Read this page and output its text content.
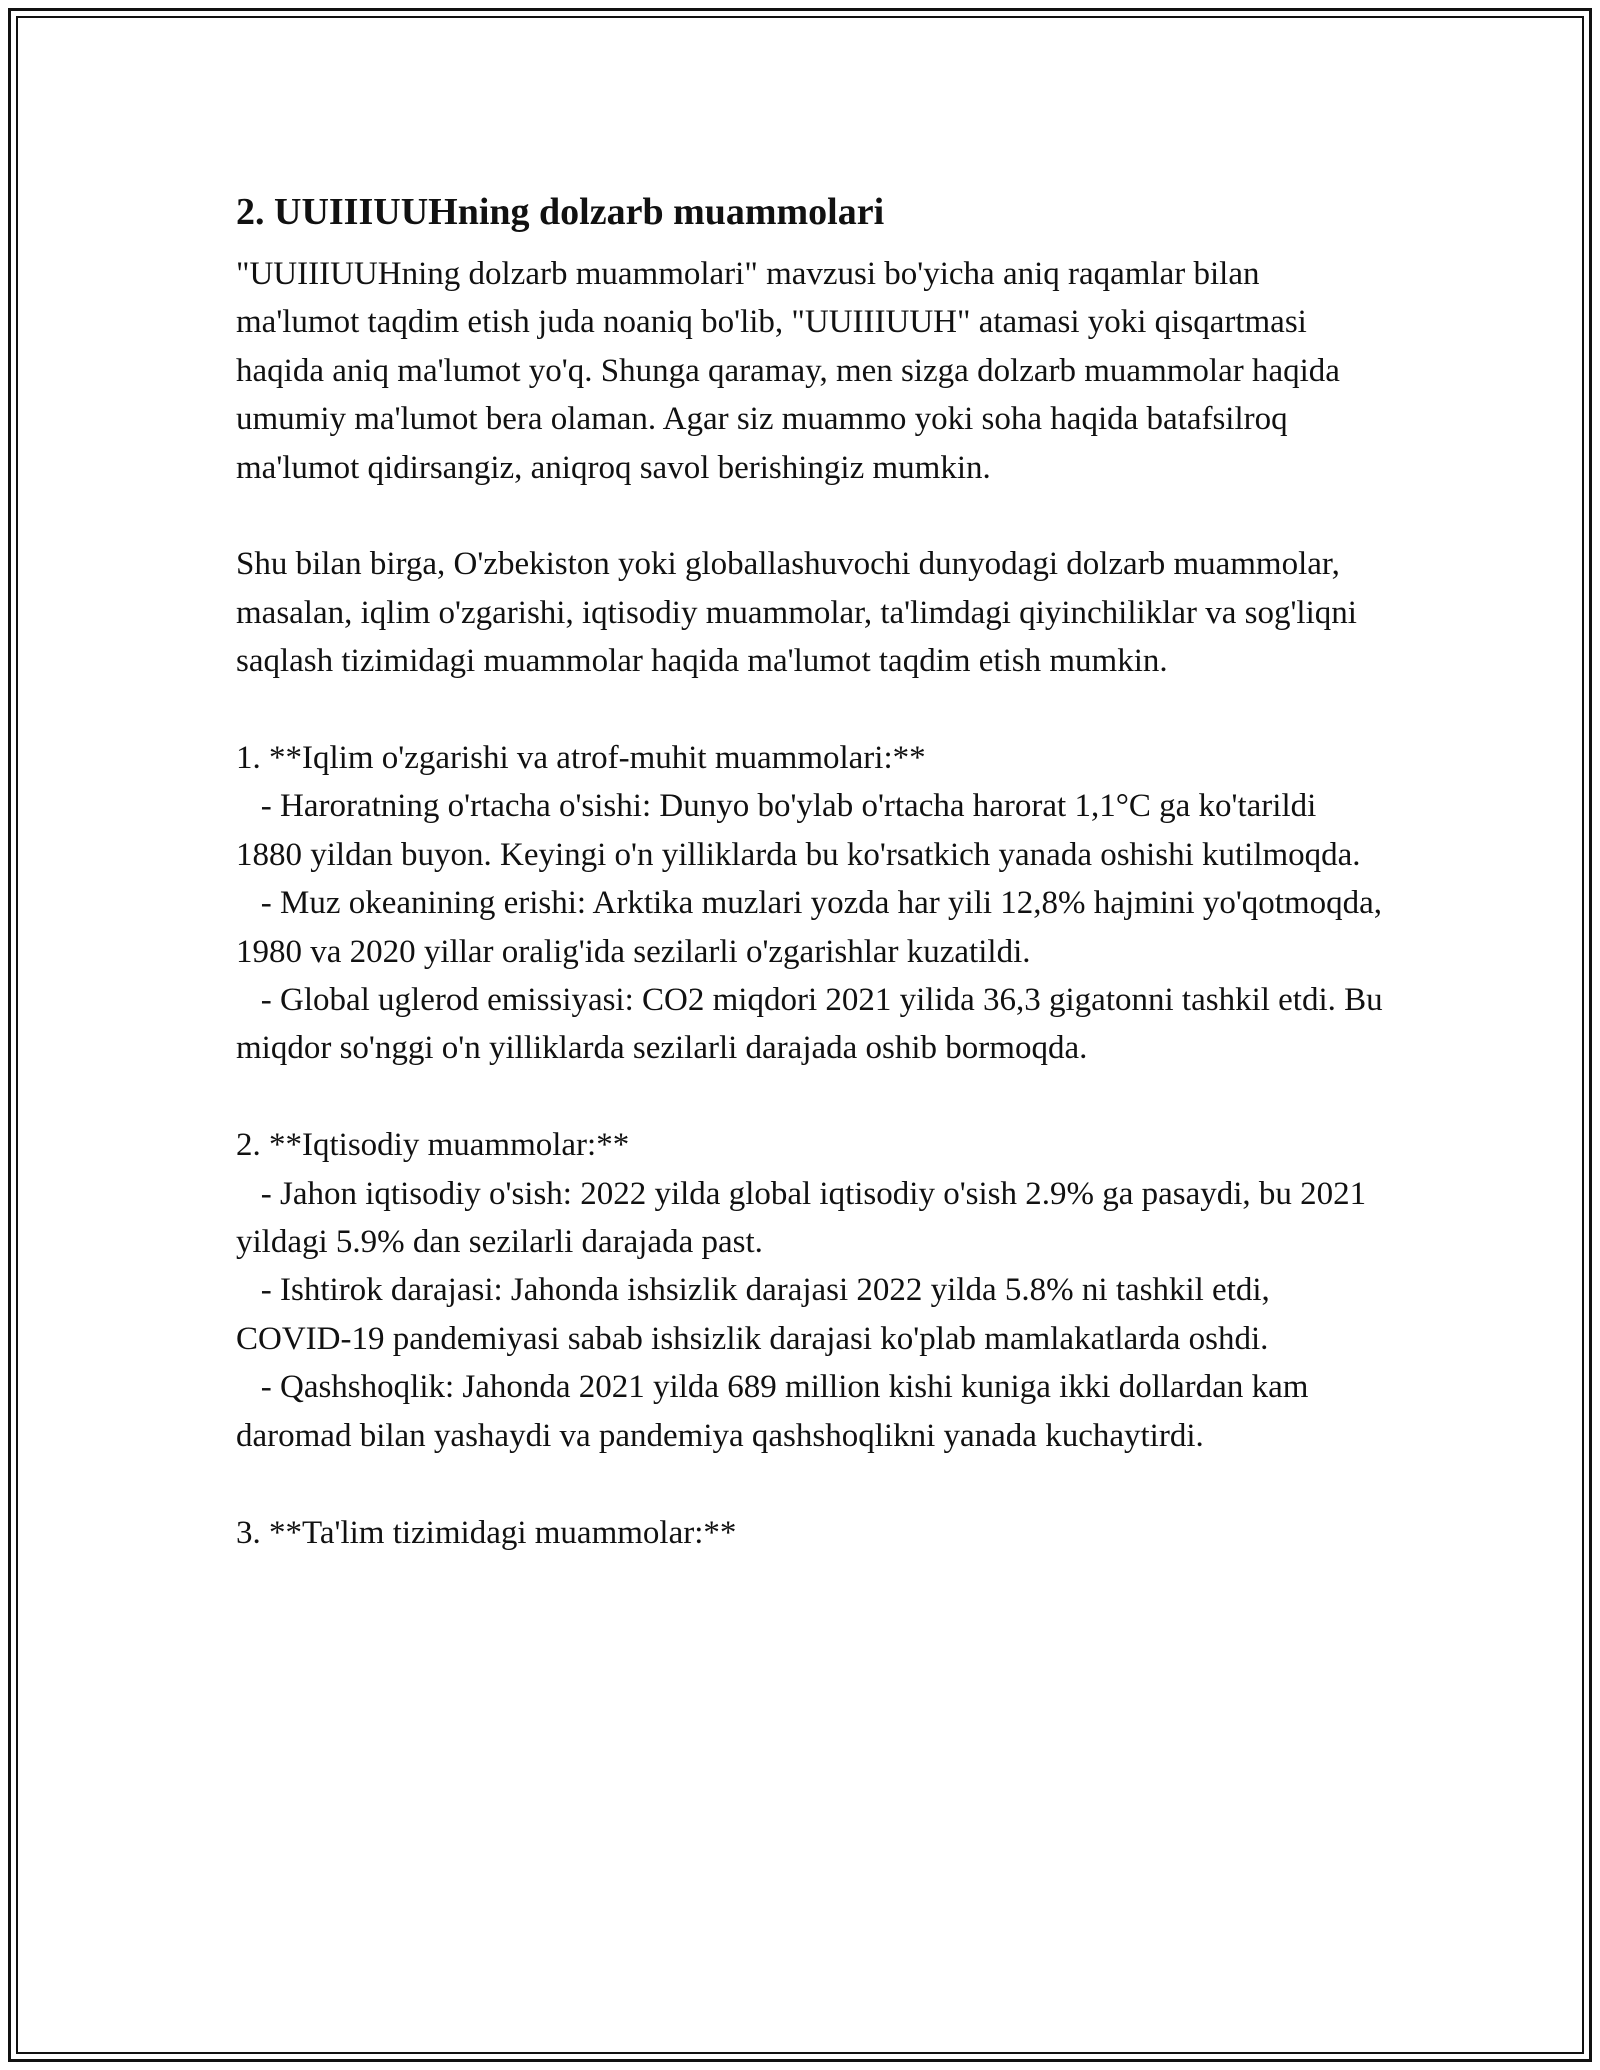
2. UUIIIUUHning dolzarb muammolari
"UUIIIUUHning dolzarb muammolari" mavzusi bo'yicha aniq raqamlar bilan ma'lumot taqdim etish juda noaniq bo'lib, "UUIIIUUH" atamasi yoki qisqartmasi haqida aniq ma'lumot yo'q. Shunga qaramay, men sizga dolzarb muammolar haqida umumiy ma'lumot bera olaman. Agar siz muammo yoki soha haqida batafsilroq ma'lumot qidirsangiz, aniqroq savol berishingiz mumkin.
Shu bilan birga, O'zbekiston yoki globallashuvochi dunyodagi dolzarb muammolar, masalan, iqlim o'zgarishi, iqtisodiy muammolar, ta'limdagi qiyinchiliklar va sog'liqni saqlash tizimidagi muammolar haqida ma'lumot taqdim etish mumkin.
1. **Iqlim o'zgarishi va atrof-muhit muammolari:**
- Haroratning o'rtacha o'sishi: Dunyo bo'ylab o'rtacha harorat 1,1°C ga ko'tarildi 1880 yildan buyon. Keyingi o'n yilliklarda bu ko'rsatkich yanada oshishi kutilmoqda.
- Muz okeanining erishi: Arktika muzlari yozda har yili 12,8% hajmini yo'qotmoqda, 1980 va 2020 yillar oralig'ida sezilarli o'zgarishlar kuzatildi.
- Global uglerod emissiyasi: CO2 miqdori 2021 yilida 36,3 gigatonni tashkil etdi. Bu miqdor so'nggi o'n yilliklarda sezilarli darajada oshib bormoqda.
2. **Iqtisodiy muammolar:**
- Jahon iqtisodiy o'sish: 2022 yilda global iqtisodiy o'sish 2.9% ga pasaydi, bu 2021 yildagi 5.9% dan sezilarli darajada past.
- Ishtirok darajasi: Jahonda ishsizlik darajasi 2022 yilda 5.8% ni tashkil etdi, COVID-19 pandemiyasi sabab ishsizlik darajasi ko'plab mamlakatlarda oshdi.
- Qashshoqlik: Jahonda 2021 yilda 689 million kishi kuniga ikki dollardan kam daromad bilan yashaydi va pandemiya qashshoqlikni yanada kuchaytirdi.
3. **Ta'lim tizimidagi muammolar:**
